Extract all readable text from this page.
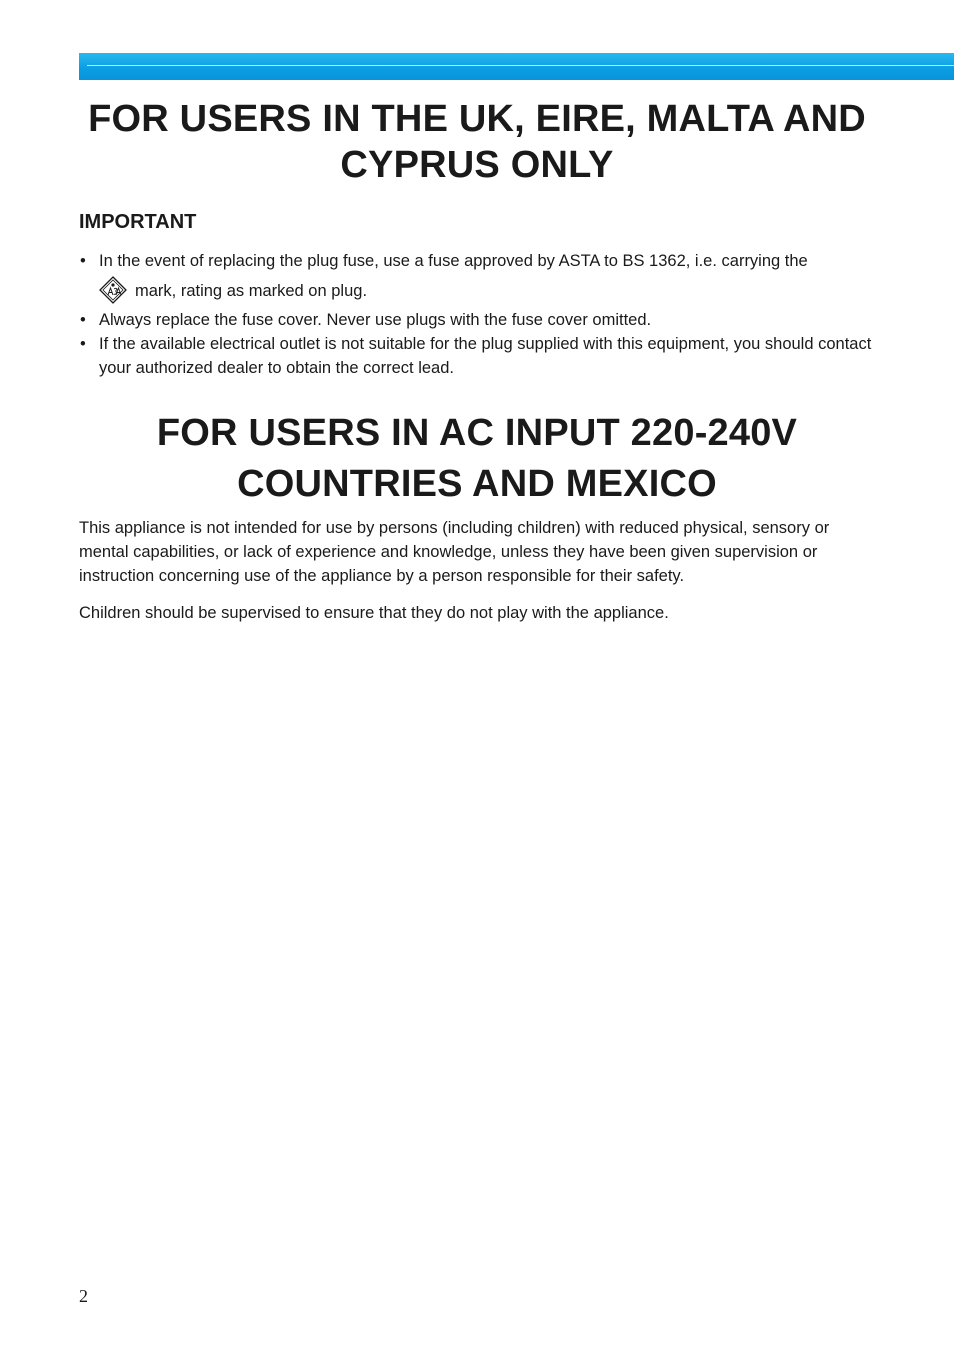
FOR USERS IN THE UK, EIRE, MALTA AND
CYPRUS ONLY
IMPORTANT
• In the event of replacing the plug fuse, use a fuse approved by ASTA to BS 1362, i.e. carrying the
mark, rating as marked on plug.
• Always replace the fuse cover. Never use plugs with the fuse cover omitted.
• If the available electrical outlet is not suitable for the plug supplied with this equipment, you should contact your authorized dealer to obtain the correct lead.
FOR USERS IN AC INPUT 220-240V
COUNTRIES AND MEXICO

This appliance is not intended for use by persons (including children) with reduced physical, sensory or mental capabilities, or lack of experience and knowledge, unless they have been given supervision or instruction concerning use of the appliance by a person responsible for their safety.

Children should be supervised to ensure that they do not play with the appliance.

2
